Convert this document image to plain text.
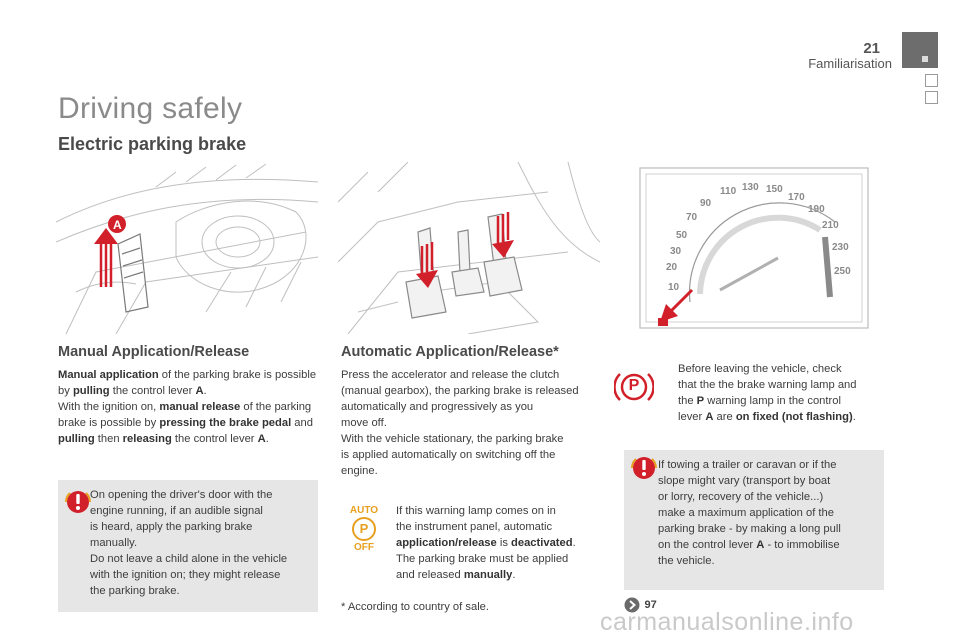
21
Familiarisation
Driving safely
Electric parking brake
A
10
20
30
50
70
90
110 130 150
170
190
210
230
250
Manual Application/Release
Manual application of the parking brake is possible by pulling the control lever A.
With the ignition on, manual release of the parking brake is possible by pressing the brake pedal and pulling then releasing the control lever A.
On opening the driver's door with the
engine running, if an audible signal
is heard, apply the parking brake
manually.
Do not leave a child alone in the vehicle
with the ignition on; they might release
the parking brake.
Automatic Application/Release*
Press the accelerator and release the clutch
(manual gearbox), the parking brake is released
automatically and progressively as you
move off.
With the vehicle stationary, the parking brake
is applied automatically on switching off the
engine.
AUTO
P
OFF
If this warning lamp comes on in
the instrument panel, automatic
application/release is deactivated.
The parking brake must be applied
and released manually.
* According to country of sale.
P
Before leaving the vehicle, check
that the the brake warning lamp and
the P warning lamp in the control
lever A are on fixed (not flashing).
If towing a trailer or caravan or if the
slope might vary (transport by boat
or lorry, recovery of the vehicle...)
make a maximum application of the
parking brake - by making a long pull
on the control lever A - to immobilise
the vehicle.
97
carmanualsonline.info
